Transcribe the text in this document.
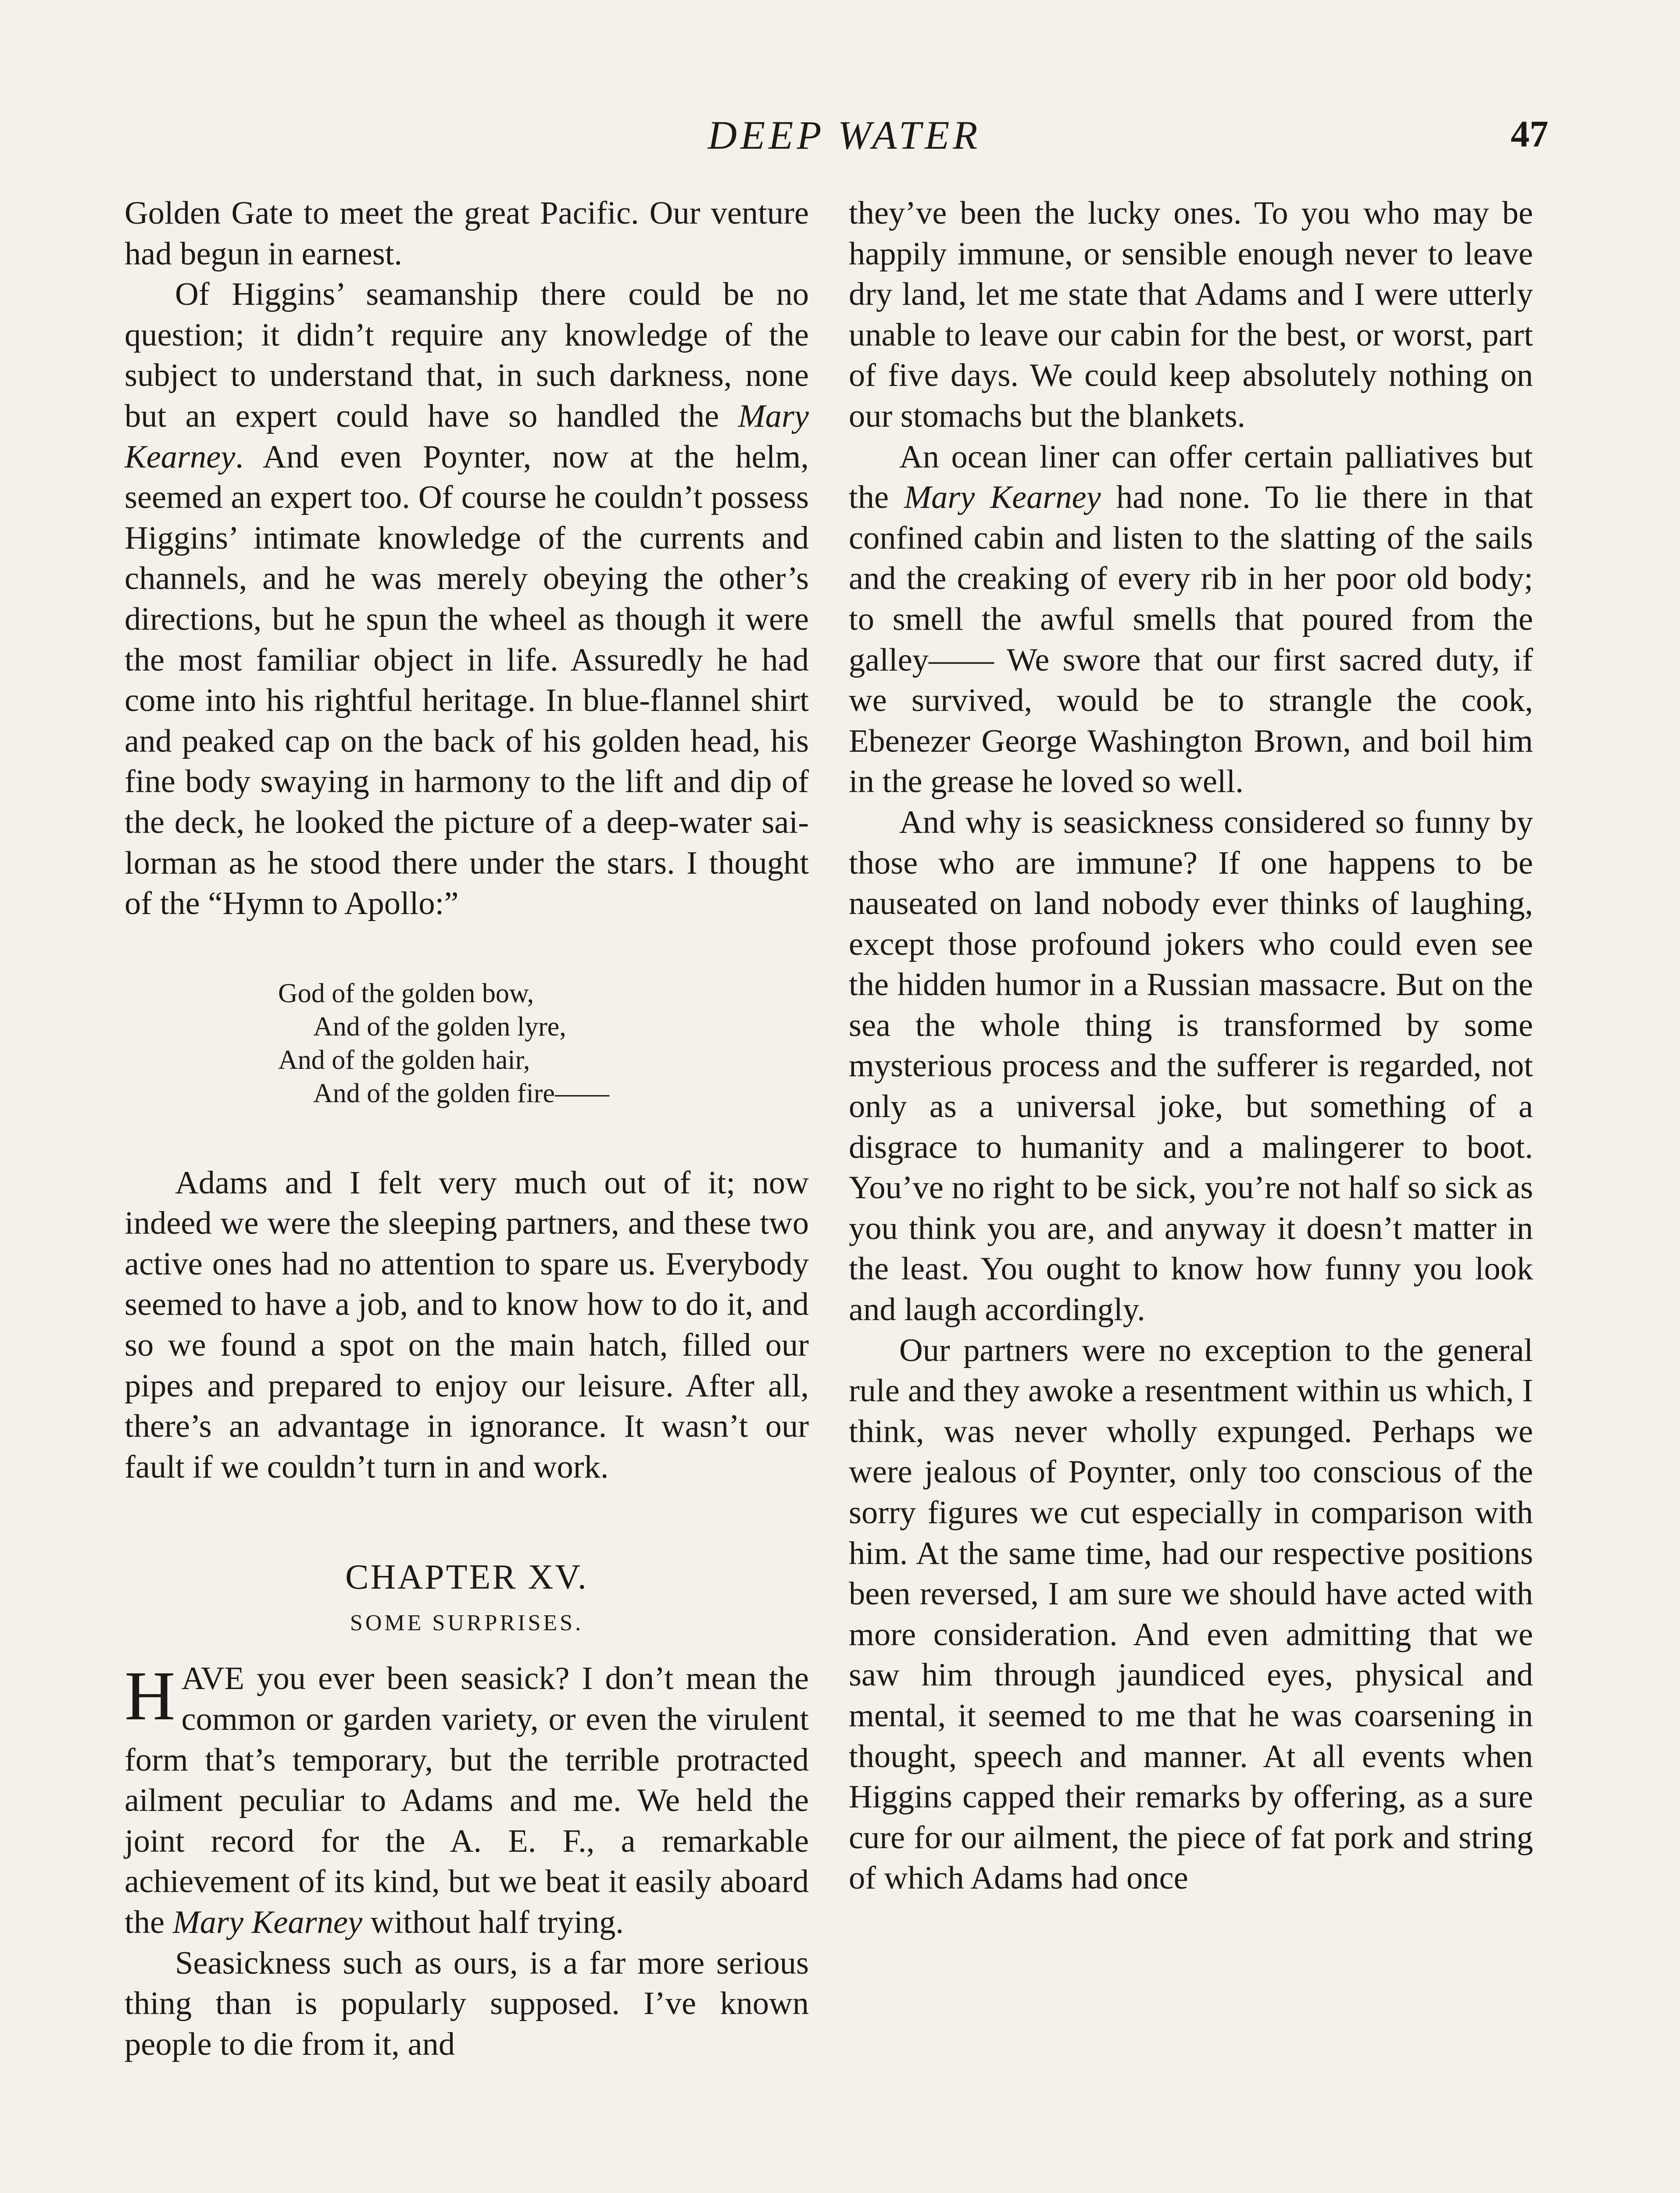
DEEP WATER	47

Golden Gate to meet the great Pacific. Our venture had begun in earnest.

Of Higgins’ seamanship there could be no question; it didn’t require any knowledge of the subject to understand that, in such darkness, none but an expert could have so handled the Mary Kearney. And even Poynter, now at the helm, seemed an expert too. Of course he couldn’t possess Higgins’ intimate knowledge of the currents and channels, and he was merely obeying the other’s directions, but he spun the wheel as though it were the most familiar object in life. Assuredly he had come into his rightful heritage. In blue-flannel shirt and peaked cap on the back of his golden head, his fine body swaying in harmony to the lift and dip of the deck, he looked the picture of a deep-water sailorman as he stood there under the stars. I thought of the “Hymn to Apollo:”

God of the golden bow,
And of the golden lyre,
And of the golden hair,
And of the golden fire——

Adams and I felt very much out of it; now indeed we were the sleeping partners, and these two active ones had no attention to spare us. Everybody seemed to have a job, and to know how to do it, and so we found a spot on the main hatch, filled our pipes and prepared to enjoy our leisure. After all, there’s an advantage in ignorance. It wasn’t our fault if we couldn’t turn in and work.

CHAPTER XV.
SOME SURPRISES.

HAVE you ever been seasick? I don’t mean the common or garden variety, or even the virulent form that’s temporary, but the terrible protracted ailment peculiar to Adams and me. We held the joint record for the A. E. F., a remarkable achievement of its kind, but we beat it easily aboard the Mary Kearney without half trying.

Seasickness such as ours, is a far more serious thing than is popularly supposed. I’ve known people to die from it, and

they’ve been the lucky ones. To you who may be happily immune, or sensible enough never to leave dry land, let me state that Adams and I were utterly unable to leave our cabin for the best, or worst, part of five days. We could keep absolutely nothing on our stomachs but the blankets.

An ocean liner can offer certain palliatives but the Mary Kearney had none. To lie there in that confined cabin and listen to the slatting of the sails and the creaking of every rib in her poor old body; to smell the awful smells that poured from the galley—— We swore that our first sacred duty, if we survived, would be to strangle the cook, Ebenezer George Washington Brown, and boil him in the grease he loved so well.

And why is seasickness considered so funny by those who are immune? If one happens to be nauseated on land nobody ever thinks of laughing, except those profound jokers who could even see the hidden humor in a Russian massacre. But on the sea the whole thing is transformed by some mysterious process and the sufferer is regarded, not only as a universal joke, but something of a disgrace to humanity and a malingerer to boot. You’ve no right to be sick, you’re not half so sick as you think you are, and anyway it doesn’t matter in the least. You ought to know how funny you look and laugh accordingly.

Our partners were no exception to the general rule and they awoke a resentment within us which, I think, was never wholly expunged. Perhaps we were jealous of Poynter, only too conscious of the sorry figures we cut especially in comparison with him. At the same time, had our respective positions been reversed, I am sure we should have acted with more consideration. And even admitting that we saw him through jaundiced eyes, physical and mental, it seemed to me that he was coarsening in thought, speech and manner. At all events when Higgins capped their remarks by offering, as a sure cure for our ailment, the piece of fat pork and string of which Adams had once
